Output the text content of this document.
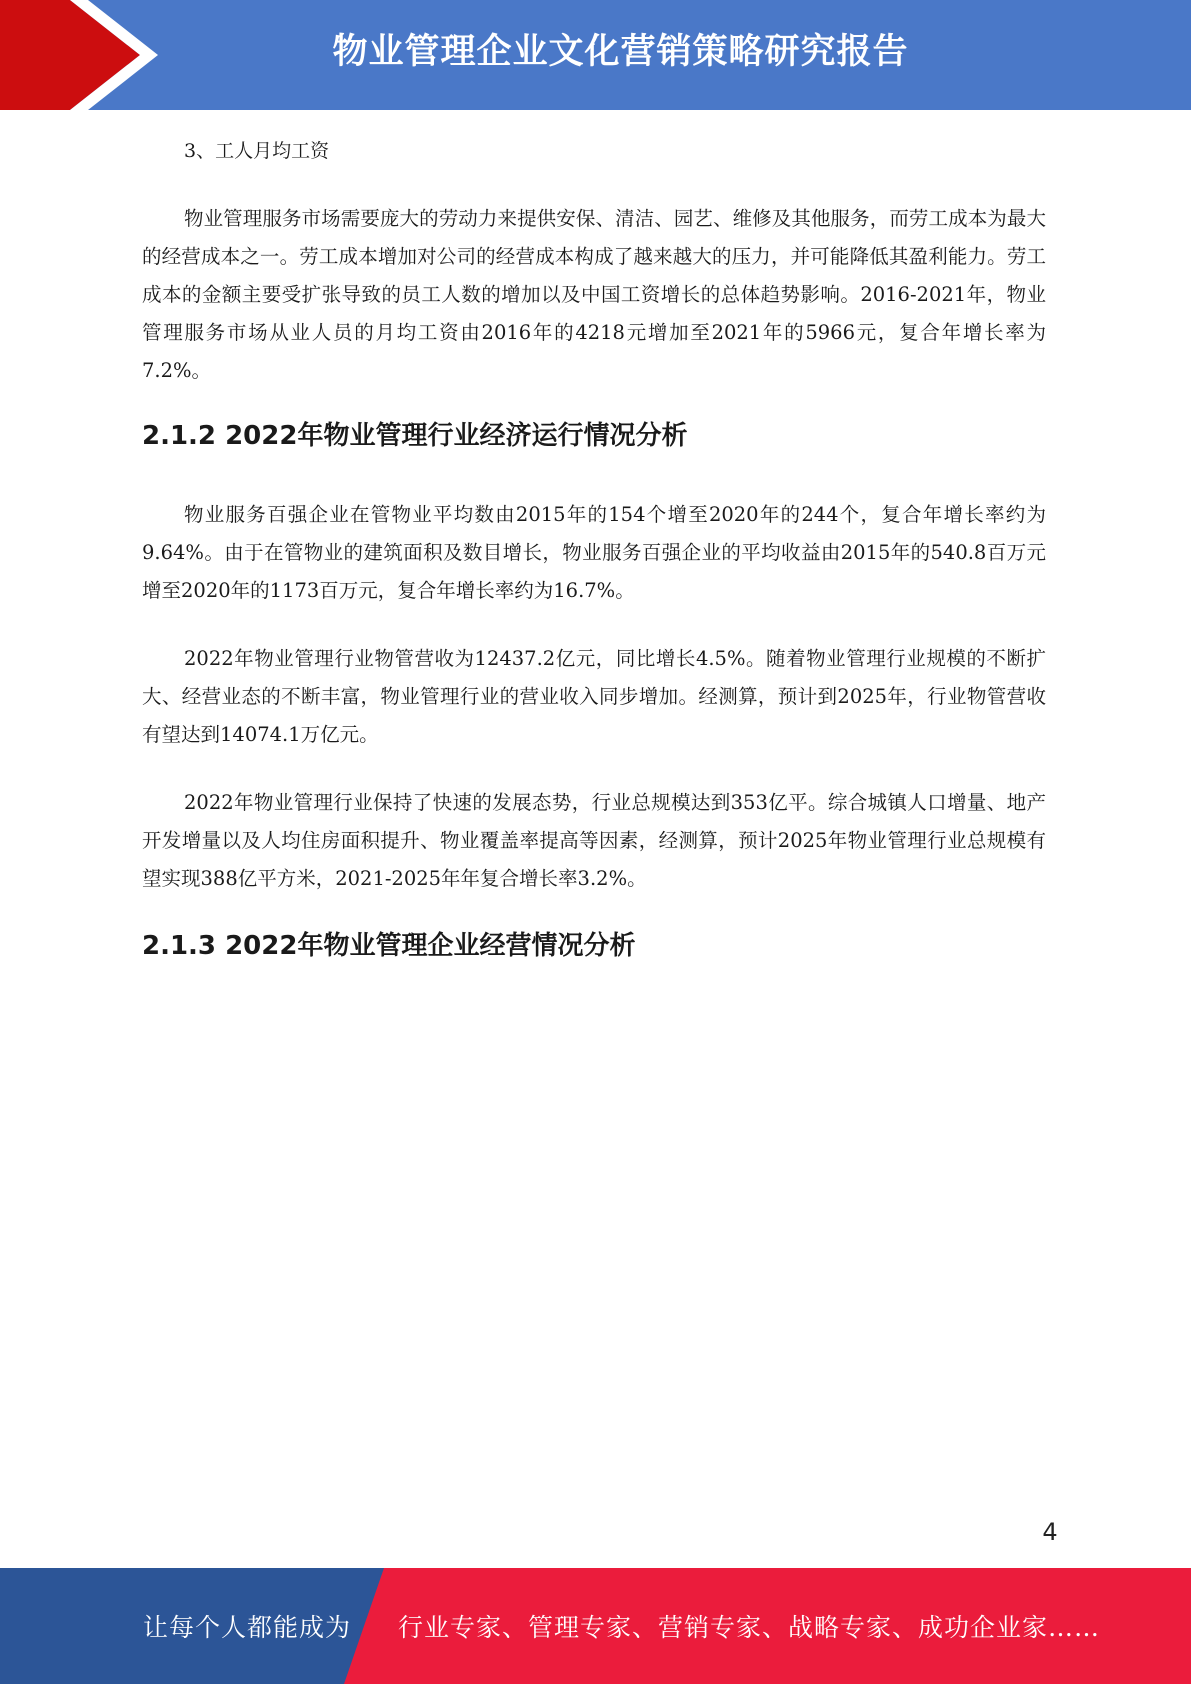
物业管理企业文化营销策略研究报告

3、工人月均工资

物业管理服务市场需要庞大的劳动力来提供安保、清洁、园艺、维修及其他服务，而劳工成本为最大的经营成本之一。劳工成本增加对公司的经营成本构成了越来越大的压力，并可能降低其盈利能力。劳工成本的金额主要受扩张导致的员工人数的增加以及中国工资增长的总体趋势影响。2016-2021年，物业管理服务市场从业人员的月均工资由2016年的4218元增加至2021年的5966元，复合年增长率为7.2%。

2.1.2 2022年物业管理行业经济运行情况分析

物业服务百强企业在管物业平均数由2015年的154个增至2020年的244个，复合年增长率约为9.64%。由于在管物业的建筑面积及数目增长，物业服务百强企业的平均收益由2015年的540.8百万元增至2020年的1173百万元，复合年增长率约为16.7%。

2022年物业管理行业物管营收为12437.2亿元，同比增长4.5%。随着物业管理行业规模的不断扩大、经营业态的不断丰富，物业管理行业的营业收入同步增加。经测算，预计到2025年，行业物管营收有望达到14074.1万亿元。

2022年物业管理行业保持了快速的发展态势，行业总规模达到353亿平。综合城镇人口增量、地产开发增量以及人均住房面积提升、物业覆盖率提高等因素，经测算，预计2025年物业管理行业总规模有望实现388亿平方米，2021-2025年年复合增长率3.2%。

2.1.3 2022年物业管理企业经营情况分析
4
让每个人都能成为 行业专家、管理专家、营销专家、战略专家、成功企业家……
